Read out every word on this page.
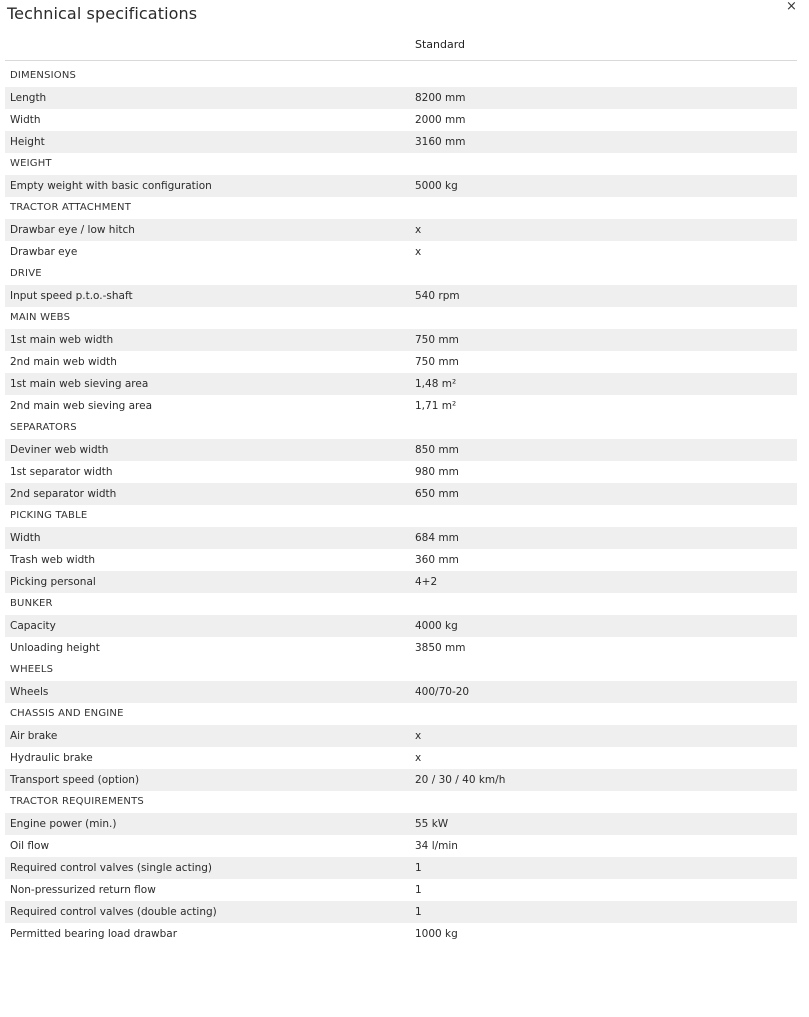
Technical specifications	×
Standard
DIMENSIONS
Length	8200 mm
Width	2000 mm
Height	3160 mm
WEIGHT
Empty weight with basic configuration	5000 kg
TRACTOR ATTACHMENT
Drawbar eye / low hitch	x
Drawbar eye	x
DRIVE
Input speed p.t.o.-shaft	540 rpm
MAIN WEBS
1st main web width	750 mm
2nd main web width	750 mm
1st main web sieving area	1,48 m²
2nd main web sieving area	1,71 m²
SEPARATORS
Deviner web width	850 mm
1st separator width	980 mm
2nd separator width	650 mm
PICKING TABLE
Width	684 mm
Trash web width	360 mm
Picking personal	4+2
BUNKER
Capacity	4000 kg
Unloading height	3850 mm
WHEELS
Wheels	400/70-20
CHASSIS AND ENGINE
Air brake	x
Hydraulic brake	x
Transport speed (option)	20 / 30 / 40 km/h
TRACTOR REQUIREMENTS
Engine power (min.)	55 kW
Oil flow	34 l/min
Required control valves (single acting)	1
Non-pressurized return flow	1
Required control valves (double acting)	1
Permitted bearing load drawbar	1000 kg
